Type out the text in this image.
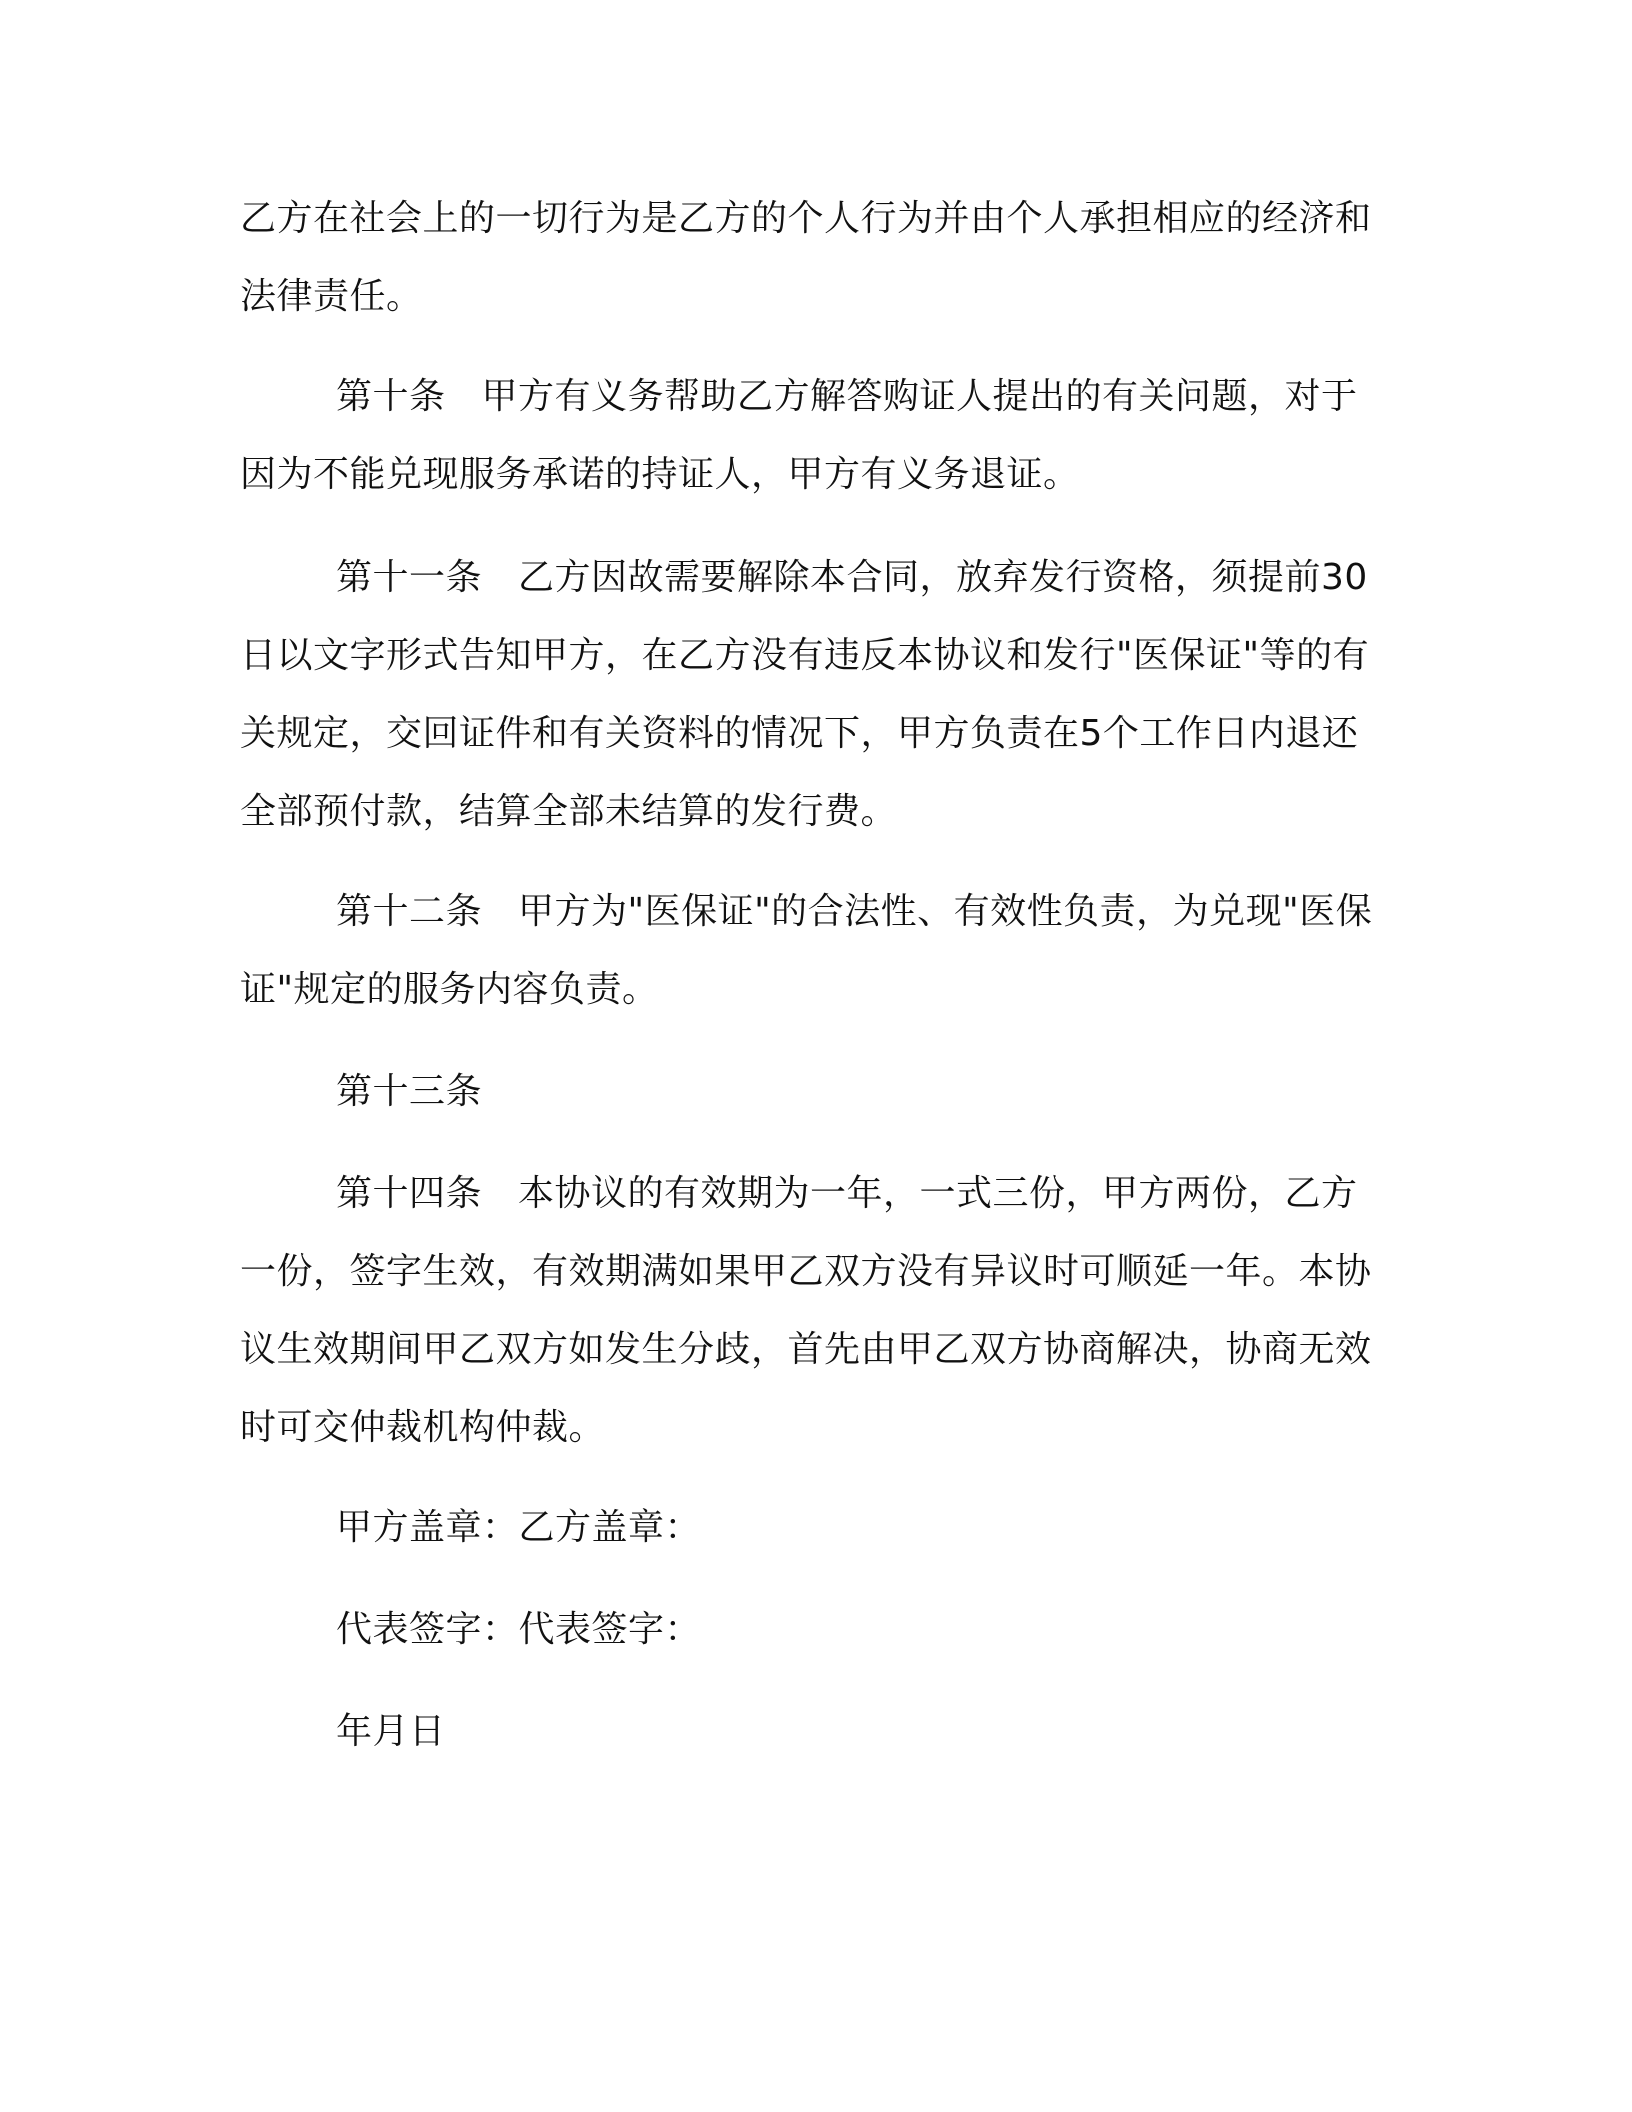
乙方在社会上的一切行为是乙方的个人行为并由个人承担相应的经济和法律责任。

第十条 甲方有义务帮助乙方解答购证人提出的有关问题，对于因为不能兑现服务承诺的持证人，甲方有义务退证。

第十一条 乙方因故需要解除本合同，放弃发行资格，须提前30日以文字形式告知甲方，在乙方没有违反本协议和发行"医保证"等的有关规定，交回证件和有关资料的情况下，甲方负责在5个工作日内退还全部预付款，结算全部未结算的发行费。

第十二条 甲方为"医保证"的合法性、有效性负责，为兑现"医保证"规定的服务内容负责。

第十三条

第十四条 本协议的有效期为一年，一式三份，甲方两份，乙方一份，签字生效，有效期满如果甲乙双方没有异议时可顺延一年。本协议生效期间甲乙双方如发生分歧，首先由甲乙双方协商解决，协商无效时可交仲裁机构仲裁。

甲方盖章：乙方盖章：

代表签字：代表签字：

年月日
